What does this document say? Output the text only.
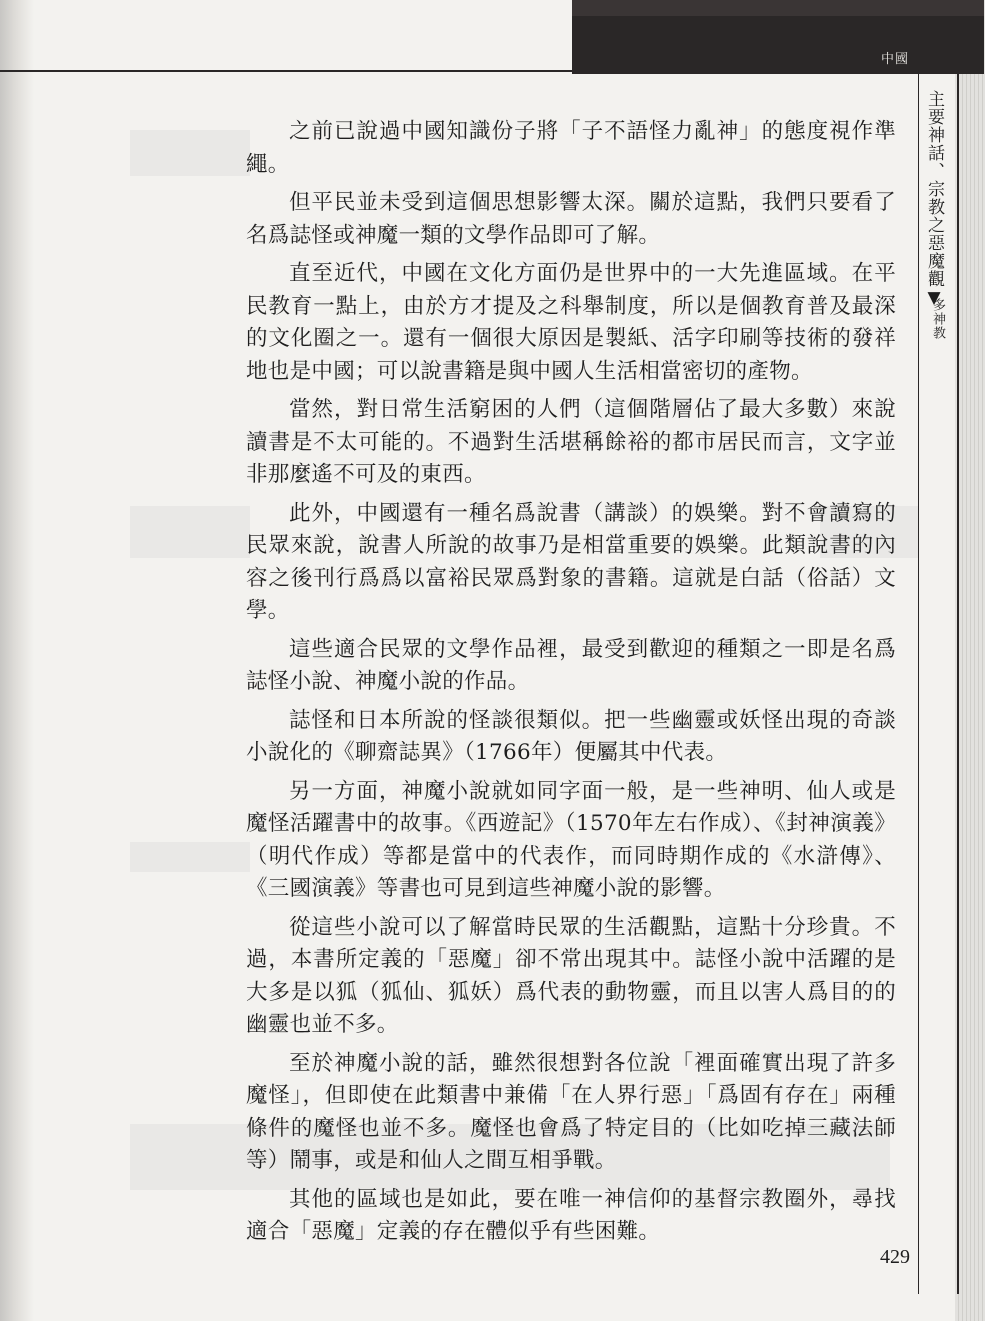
中國
主要神話、宗教之惡魔觀▼
多神教

之前已說過中國知識份子將「子不語怪力亂神」的態度視作準繩。

但平民並未受到這個思想影響太深。關於這點，我們只要看了名爲誌怪或神魔一類的文學作品即可了解。

直至近代，中國在文化方面仍是世界中的一大先進區域。在平民教育一點上，由於方才提及之科舉制度，所以是個教育普及最深的文化圈之一。還有一個很大原因是製紙、活字印刷等技術的發祥地也是中國；可以說書籍是與中國人生活相當密切的產物。

當然，對日常生活窮困的人們（這個階層佔了最大多數）來說讀書是不太可能的。不過對生活堪稱餘裕的都市居民而言，文字並非那麼遙不可及的東西。

此外，中國還有一種名爲說書（講談）的娛樂。對不會讀寫的民眾來說，說書人所說的故事乃是相當重要的娛樂。此類說書的內容之後刊行爲爲以富裕民眾爲對象的書籍。這就是白話（俗話）文學。

這些適合民眾的文學作品裡，最受到歡迎的種類之一即是名爲誌怪小說、神魔小說的作品。

誌怪和日本所說的怪談很類似。把一些幽靈或妖怪出現的奇談小說化的《聊齋誌異》（1766年）便屬其中代表。

另一方面，神魔小說就如同字面一般，是一些神明、仙人或是魔怪活躍書中的故事。《西遊記》（1570年左右作成）、《封神演義》（明代作成）等都是當中的代表作，而同時期作成的《水滸傳》、《三國演義》等書也可見到這些神魔小說的影響。

從這些小說可以了解當時民眾的生活觀點，這點十分珍貴。不過，本書所定義的「惡魔」卻不常出現其中。誌怪小說中活躍的是大多是以狐（狐仙、狐妖）爲代表的動物靈，而且以害人爲目的的幽靈也並不多。

至於神魔小說的話，雖然很想對各位說「裡面確實出現了許多魔怪」，但即使在此類書中兼備「在人界行惡」「爲固有存在」兩種條件的魔怪也並不多。魔怪也會爲了特定目的（比如吃掉三藏法師等）鬧事，或是和仙人之間互相爭戰。

其他的區域也是如此，要在唯一神信仰的基督宗教圈外，尋找適合「惡魔」定義的存在體似乎有些困難。

429
